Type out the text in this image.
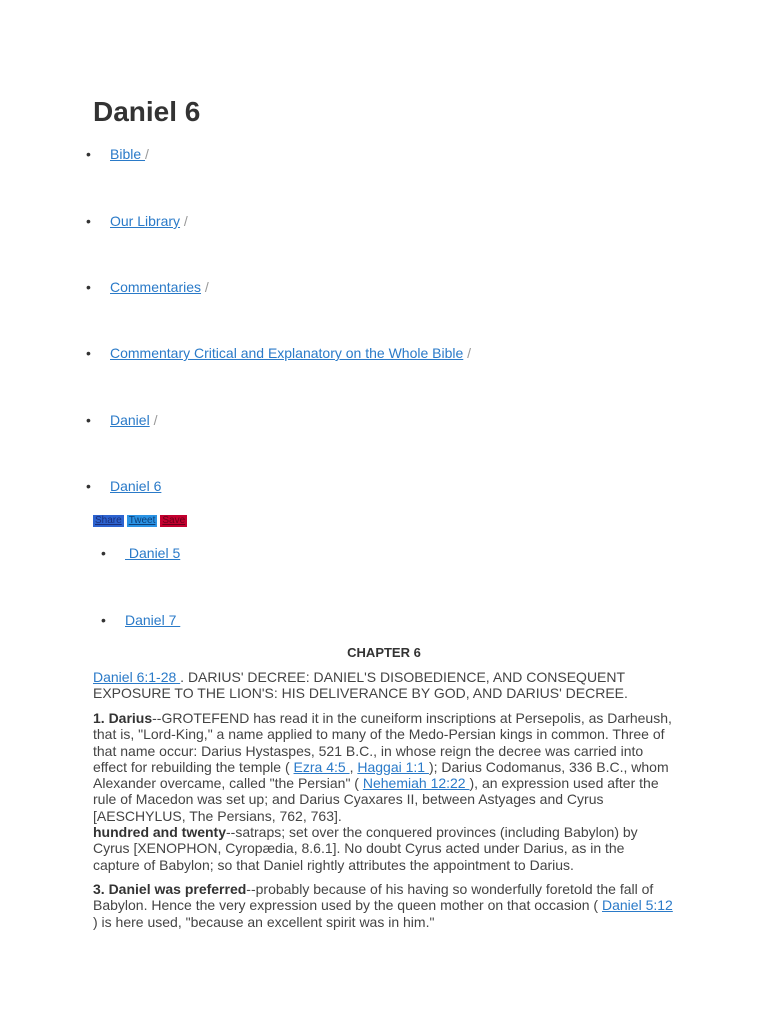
Daniel 6
• Bible /
• Our Library /
• Commentaries /
• Commentary Critical and Explanatory on the Whole Bible /
• Daniel /
• Daniel 6
Share Tweet Save
• Daniel 5
• Daniel 7
CHAPTER 6

Daniel 6:1-28 . DARIUS' DECREE: DANIEL'S DISOBEDIENCE, AND CONSEQUENT EXPOSURE TO THE LION'S: HIS DELIVERANCE BY GOD, AND DARIUS' DECREE.

1. Darius--GROTEFEND has read it in the cuneiform inscriptions at Persepolis, as Darheush, that is, "Lord-King," a name applied to many of the Medo-Persian kings in common. Three of that name occur: Darius Hystaspes, 521 B.C., in whose reign the decree was carried into effect for rebuilding the temple ( Ezra 4:5 , Haggai 1:1 ); Darius Codomanus, 336 B.C., whom Alexander overcame, called "the Persian" ( Nehemiah 12:22 ), an expression used after the rule of Macedon was set up; and Darius Cyaxares II, between Astyages and Cyrus [AESCHYLUS, The Persians, 762, 763].
hundred and twenty--satraps; set over the conquered provinces (including Babylon) by Cyrus [XENOPHON, Cyropædia, 8.6.1]. No doubt Cyrus acted under Darius, as in the capture of Babylon; so that Daniel rightly attributes the appointment to Darius.

3. Daniel was preferred--probably because of his having so wonderfully foretold the fall of Babylon. Hence the very expression used by the queen mother on that occasion ( Daniel 5:12 ) is here used, "because an excellent spirit was in him."
